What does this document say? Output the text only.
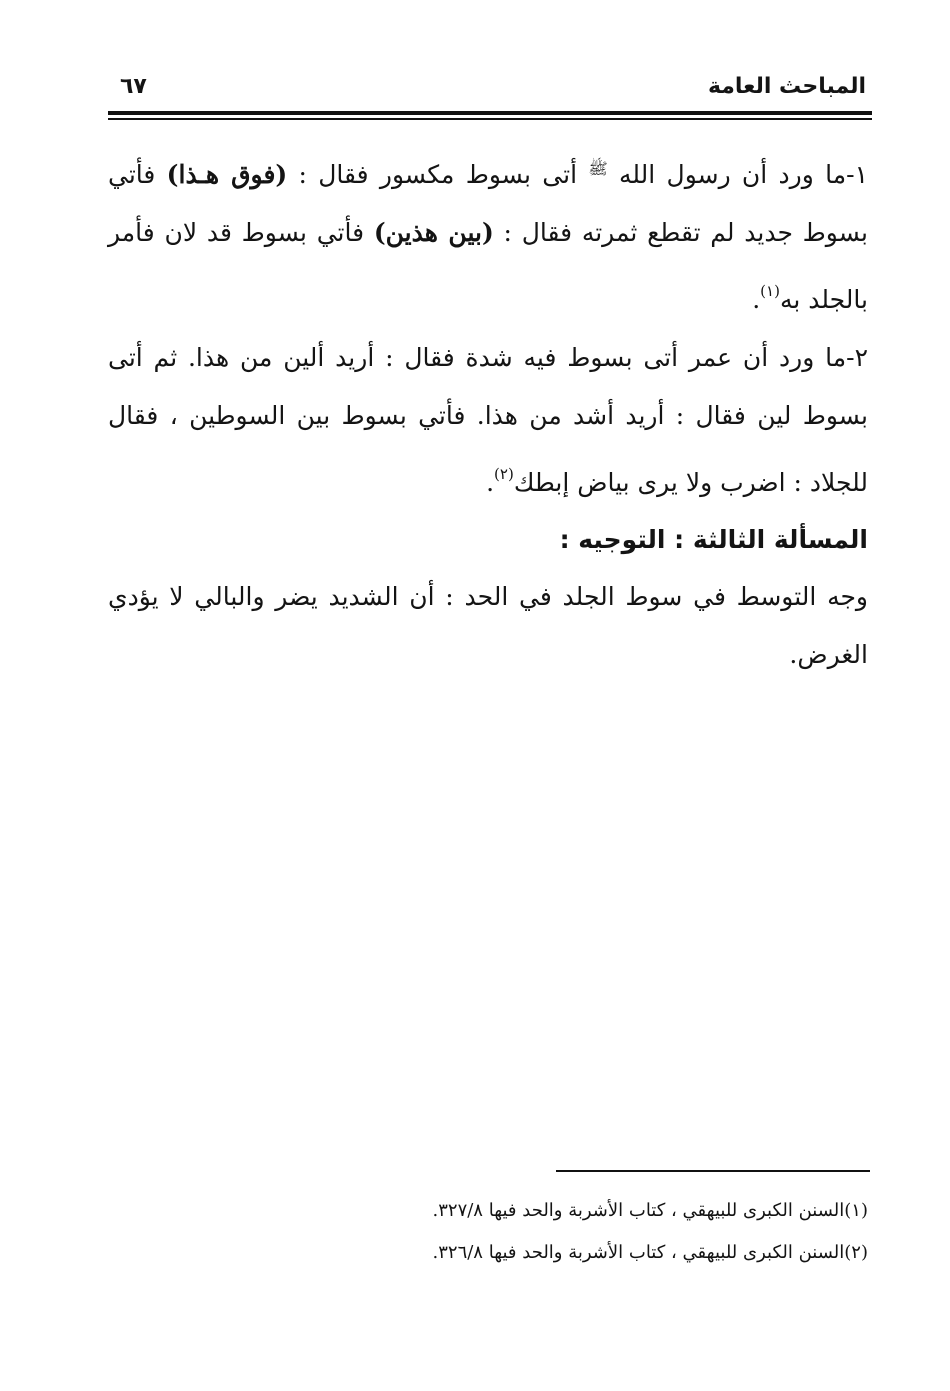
المباحث العامة
٦٧

١-ما ورد أن رسول الله $^ﷺ$ أتى بسوط مكسور فقال : (فوق هـذا) فأتي بسوط جديد لم تقطع ثمرته فقال : (بين هذين) فأتي بسوط قد لان فأمر بالجلد به$^{(١)}$.

٢-ما ورد أن عمر أتى بسوط فيه شدة فقال : أريد ألين من هذا. ثم أتى بسوط لين فقال : أريد أشد من هذا. فأتي بسوط بين السوطين ، فقال للجلاد : اضرب ولا يرى بياض إبطك$^{(٢)}$.

المسألة الثالثة : التوجيه :

وجه التوسط في سوط الجلد في الحد : أن الشديد يضر والبالي لا يؤدي الغرض.

(١)السنن الكبرى للبيهقي ، كتاب الأشربة والحد فيها ٣٢٧/٨.

(٢)السنن الكبرى للبيهقي ، كتاب الأشربة والحد فيها ٣٢٦/٨.
